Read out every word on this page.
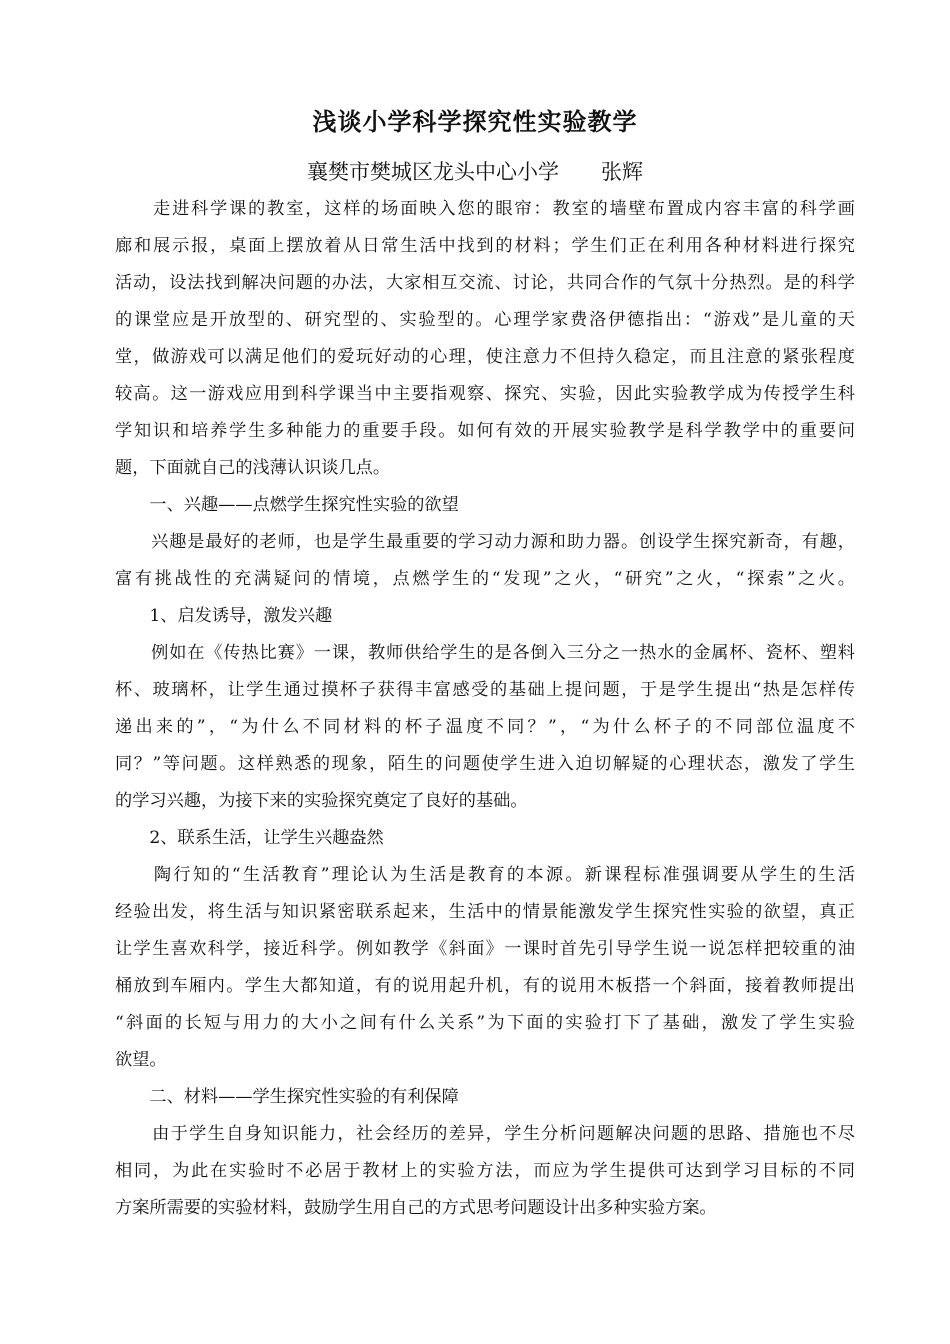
浅谈小学科学探究性实验教学
襄樊市樊城区龙头中心小学　　张辉
　　走进科学课的教室，这样的场面映入您的眼帘：教室的墙壁布置成内容丰富的科学画
廊和展示报，桌面上摆放着从日常生活中找到的材料；学生们正在利用各种材料进行探究
活动，设法找到解决问题的办法，大家相互交流、讨论，共同合作的气氛十分热烈。是的科学
的课堂应是开放型的、研究型的、实验型的。心理学家费洛伊德指出：“游戏”是儿童的天
堂，做游戏可以满足他们的爱玩好动的心理，使注意力不但持久稳定，而且注意的紧张程度
较高。这一游戏应用到科学课当中主要指观察、探究、实验，因此实验教学成为传授学生科
学知识和培养学生多种能力的重要手段。如何有效的开展实验教学是科学教学中的重要问
题，下面就自己的浅薄认识谈几点。
　　一、兴趣——点燃学生探究性实验的欲望
　　兴趣是最好的老师，也是学生最重要的学习动力源和助力器。创设学生探究新奇，有趣，
富有挑战性的充满疑问的情境，点燃学生的“发现”之火，“研究”之火，“探索”之火。
　　1、启发诱导，激发兴趣
　　例如在《传热比赛》一课，教师供给学生的是各倒入三分之一热水的金属杯、瓷杯、塑料
杯、玻璃杯，让学生通过摸杯子获得丰富感受的基础上提问题，于是学生提出“热是怎样传
递出来的”，“为什么不同材料的杯子温度不同？”，“为什么杯子的不同部位温度不
同？”等问题。这样熟悉的现象，陌生的问题使学生进入迫切解疑的心理状态，激发了学生
的学习兴趣，为接下来的实验探究奠定了良好的基础。
　　2、联系生活，让学生兴趣盎然
　　陶行知的“生活教育”理论认为生活是教育的本源。新课程标准强调要从学生的生活
经验出发，将生活与知识紧密联系起来，生活中的情景能激发学生探究性实验的欲望，真正
让学生喜欢科学，接近科学。例如教学《斜面》一课时首先引导学生说一说怎样把较重的油
桶放到车厢内。学生大都知道，有的说用起升机，有的说用木板搭一个斜面，接着教师提出
“斜面的长短与用力的大小之间有什么关系”为下面的实验打下了基础，激发了学生实验
欲望。
　　二、材料——学生探究性实验的有利保障
　　由于学生自身知识能力，社会经历的差异，学生分析问题解决问题的思路、措施也不尽
相同，为此在实验时不必居于教材上的实验方法，而应为学生提供可达到学习目标的不同
方案所需要的实验材料，鼓励学生用自己的方式思考问题设计出多种实验方案。
